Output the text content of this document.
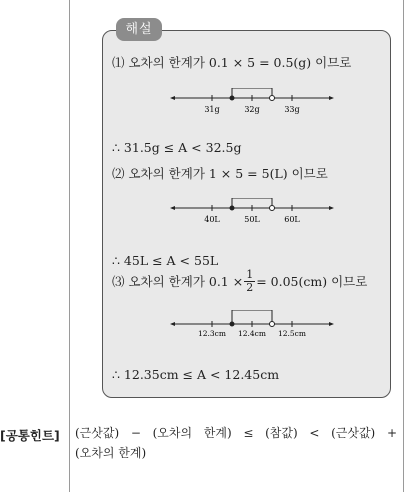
해설
⑴ 오차의 한계가 0.1 × 5 = 0.5(g) 이므로
31g	32g	33g
∴ 31.5g ≤ A < 32.5g
⑵ 오차의 한계가 1 × 5 = 5(L) 이므로
40L	50L	60L
∴ 45L ≤ A < 55L
⑶ 오차의 한계가 $0.1 \times \frac{1}{2} = 0.05(cm)$ 이므로
12.3cm 12.4cm 12.5cm
∴ 12.35cm ≤ A < 12.45cm
[공통힌트] (근삿값) − (오차의 한계) ≤ (참값) < (근삿값) +
(오차의 한계)
